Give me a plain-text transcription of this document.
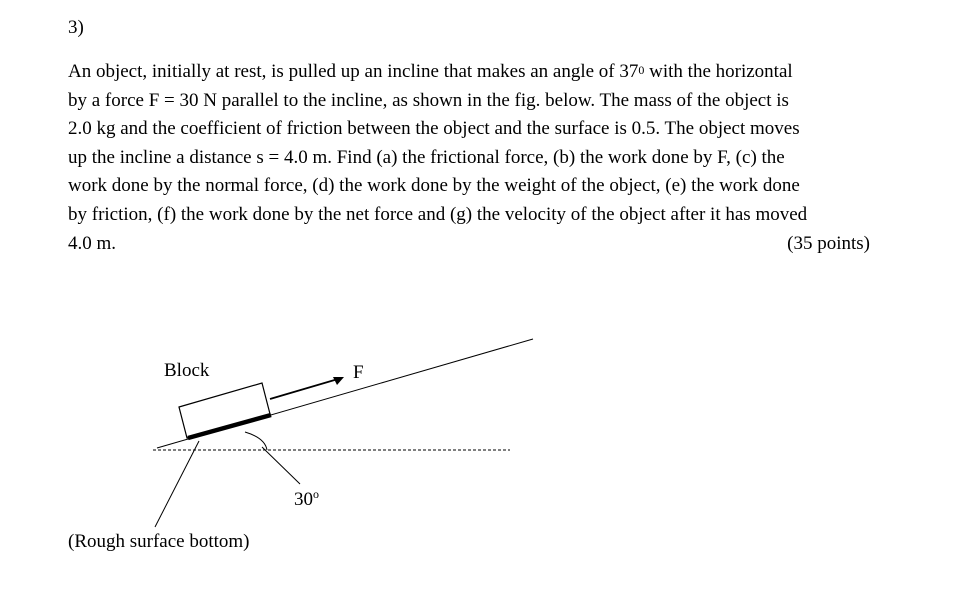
3)
An object, initially at rest, is pulled up an incline that makes an angle of $37^0$ with the horizontal
by a force F = 30 N parallel to the incline, as shown in the fig. below. The mass of the object is
2.0 kg and the coefficient of friction between the object and the surface is 0.5. The object moves
up the incline a distance s = 4.0 m. Find (a) the frictional force, (b) the work done by F, (c) the
work done by the normal force, (d) the work done by the weight of the object, (e) the work done
by friction, (f) the work done by the net force and (g) the velocity of the object after it has moved
4.0 m.	(35 points)
Block	F
30$^o$
(Rough surface bottom)
